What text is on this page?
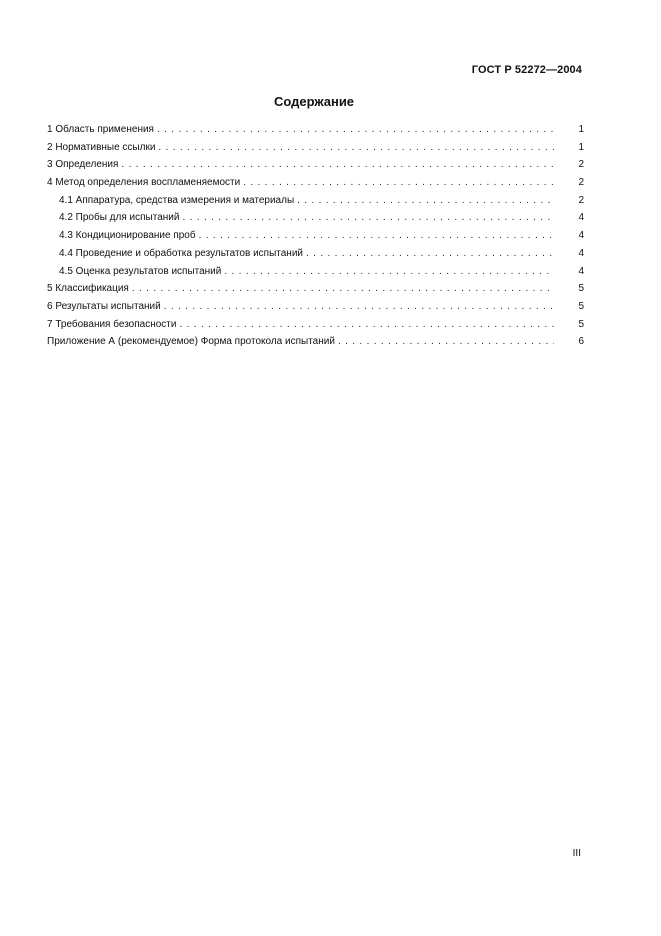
ГОСТ Р 52272—2004
Содержание
1 Область применения . . .	1
2 Нормативные ссылки . . .	1
3 Определения . . .	2
4 Метод определения воспламеняемости . . .	2
4.1 Аппаратура, средства измерения и материалы . . .	2
4.2 Пробы для испытаний . . .	4
4.3 Кондиционирование проб . . .	4
4.4 Проведение и обработка результатов испытаний . . .	4
4.5 Оценка результатов испытаний . . .	4
5 Классификация . . .	5
6 Результаты испытаний . . .	5
7 Требования безопасности . . .	5
Приложение А (рекомендуемое) Форма протокола испытаний . . .	6
III
